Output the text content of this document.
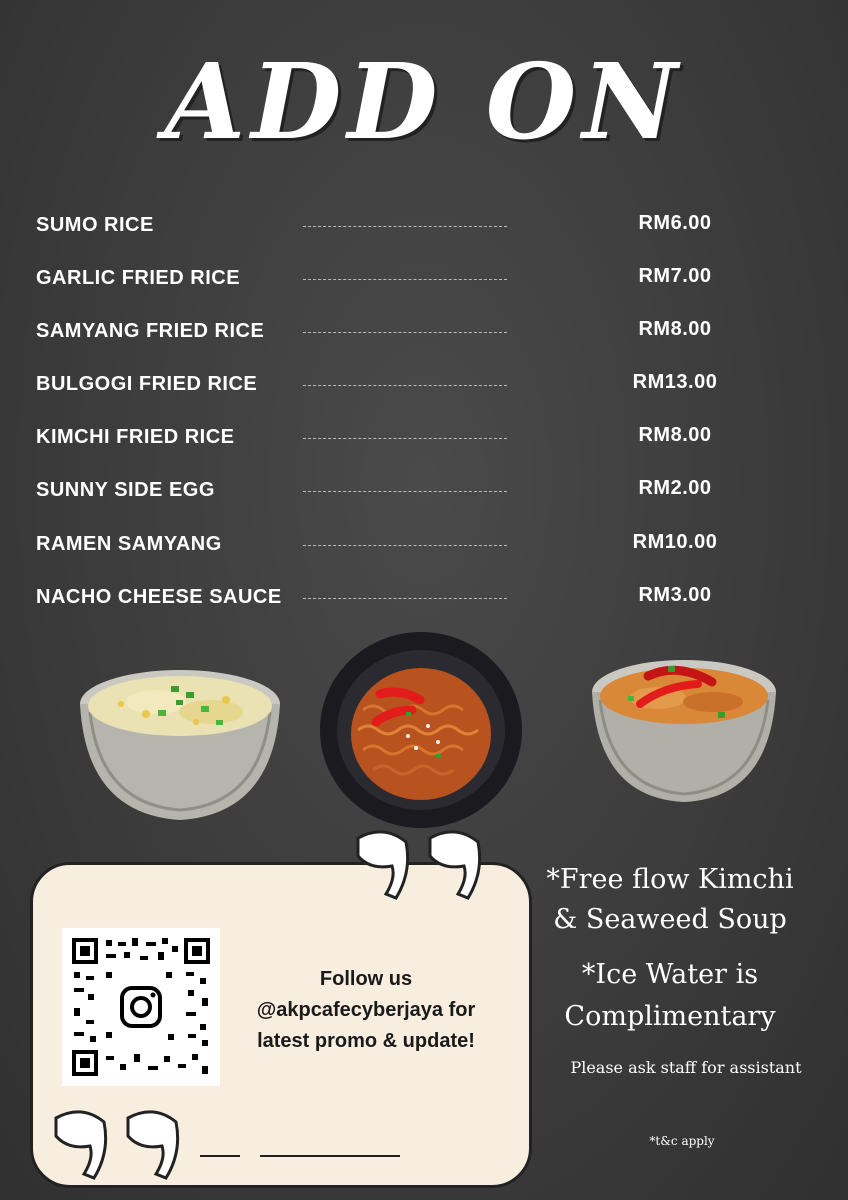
ADD ON
SUMO RICE	RM6.00
GARLIC FRIED RICE	RM7.00
SAMYANG FRIED RICE	RM8.00
BULGOGI FRIED RICE	RM13.00
KIMCHI FRIED RICE	RM8.00
SUNNY SIDE EGG	RM2.00
RAMEN SAMYANG	RM10.00
NACHO CHEESE SAUCE	RM3.00
Follow us
@akpcafecyberjaya for
latest promo & update!
*Free flow Kimchi
& Seaweed Soup
*Ice Water is
Complimentary
Please ask staff for assistant
*t&c apply
